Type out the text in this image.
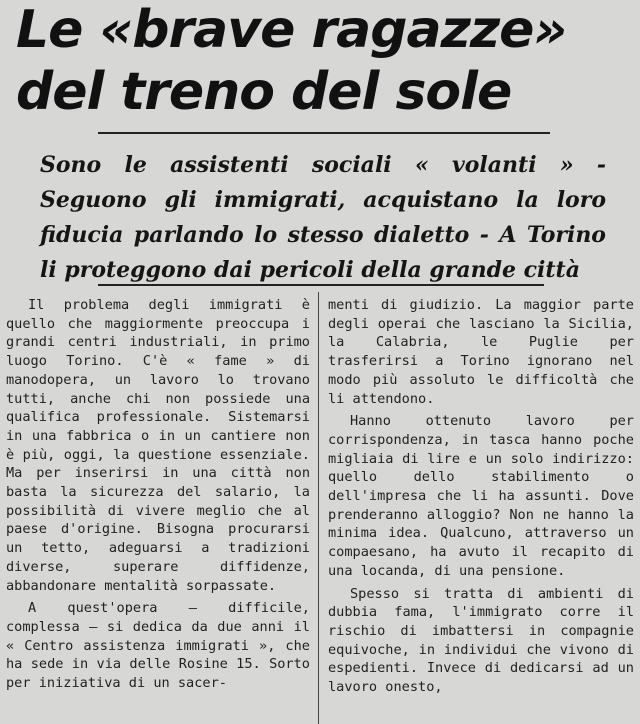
Le «brave ragazze»
del treno del sole
Sono le assistenti sociali « volanti » - Seguono gli immigrati, acquistano la loro fiducia parlando lo stesso dialetto - A Torino li proteggono dai pericoli della grande città

Il problema degli immigrati è quello che maggiormente preoccupa i grandi centri industriali, in primo luogo Torino. C'è « fame » di manodopera, un lavoro lo trovano tutti, anche chi non possiede una qualifica professionale. Sistemarsi in una fabbrica o in un cantiere non è più, oggi, la questione essenziale. Ma per inserirsi in una città non basta la sicurezza del salario, la possibilità di vivere meglio che al paese d'origine. Bisogna procurarsi un tetto, adeguarsi a tradizioni diverse, superare diffidenze, abbandonare mentalità sorpassate.

A quest'opera — difficile, complessa — si dedica da due anni il « Centro assistenza immigrati », che ha sede in via delle Rosine 15. Sorto per iniziativa di un sacer-

menti di giudizio. La maggior parte degli operai che lasciano la Sicilia, la Calabria, le Puglie per trasferirsi a Torino ignorano nel modo più assoluto le difficoltà che li attendono.

Hanno ottenuto lavoro per corrispondenza, in tasca hanno poche migliaia di lire e un solo indirizzo: quello dello stabilimento o dell'impresa che li ha assunti. Dove prenderanno alloggio? Non ne hanno la minima idea. Qualcuno, attraverso un compaesano, ha avuto il recapito di una locanda, di una pensione.

Spesso si tratta di ambienti di dubbia fama, l'immigrato corre il rischio di imbattersi in compagnie equivoche, in individui che vivono di espedienti. Invece di dedicarsi ad un lavoro onesto,
